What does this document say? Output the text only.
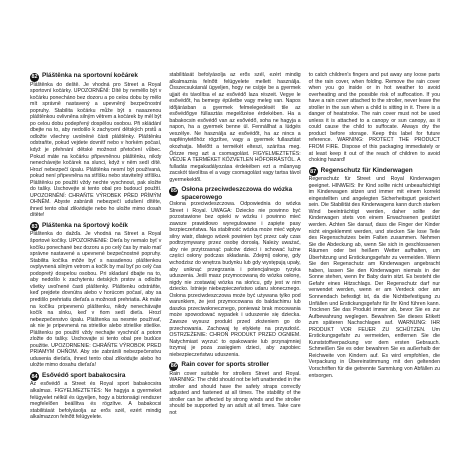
82 Pláštěnka na sportovní kočárek

Pláštěnka do deště. Je vhodná pro Street a Royal sportovní kočárky. UPOZORNĚNÍ: Dítě by neměllo být v kočárku ponecháno bez dozoru a po celou dobu by mělo mít správně nastavený a upevněný bezpečnostní popruhy. Stabilita kočárku může být s nasazenou pláštěnkou ovlivněna silným větrem a kočárek by měl být po celou dobu podepřený dospělou osobou. Při skládání dbejte na to, aby nedošlo k zachycení dětských prstů a odložte všechny uvolněné části pláštěnky. Pláštěnku odstraňte, pokud vejdete dovnitř nebo v horkém počasí, když je přehnání dětské možnost přetočení vůbec. Pokud máte na kočárku připevněnou pláštěnku, nikdy nenechávejte kočárek na slunci, když v něm sedí dítě. Hrozí nebezpečí úpalu. Pláštěnka nesmí být používaná, pokud není připevněna na stříšku nebo stavitelný stříšku. Pláštěnku po použití vždy nechte vyschnout, pak složte do tašky. Uschovejte si tento obal pro budoucí použití. UPOZORNĚNÍ: CHRAŇTE VÝROBEK PŘED PŘÍMÝM OHNĚM. Abyste zabránili nebezpečí udušení dítěte, ihned tento obal zlikvidujte nebo ho uložte mimo dosah dítěte!

83 Pláštenka na športový kočík

Pláštenka do dažďa. Je vhodná na Street a Royal športové kočíky. UPOZORNENIE: Dieťa by nemalo byť v kočíku ponechané bez dozoru a po celý čas by malo mať správne nastavené a upevnené bezpečnostné popruhy. Stabilita kočíka môže byť s nasadenou pláštenkou ovplyvnená silným vetrom a kočík by mal byť po celý čas podopretý dospelou osobou. Pri skladaní dbajte na to, aby nedošlo k zachyteniu detských prstov a odložte všetky uvoľnené časti pláštenky. Pláštenku odstráňte, keď prejdete dovnútra alebo v horúcom počasí, aby sa predišlo prehriatiu dieťaťa a možnosti prehriatia. Ak máte na kočíku pripevnenú pláštenku, nikdy nenechávajte kočík na slnku, keď v ňom sedí dieťa. Hrozí nebezpečenstvo úpalu. Pláštenka sa nesmie používať, ak nie je pripevnená na strieške alebo strieške stieške. Pláštenku po použití vždy nechajte vyschnúť a potom zložte do tašky. Uschovajte si tento obal pre budúce použitie. UPOZORNENIE: CHRÁŇTE VÝROBOK PRED PRIAMYM OHŇOM. Aby ste zabránili nebezpečenstvu udusenia dieťaťa, ihned tento obal zlikvidujte alebo ho uložte mimo dosahu dieťaťa!

84 Esővédő sport babakocsira

Az esővédő a Street és Royal sport babakocsira alkalmas. FIGYELMEZTETÉS: Ne hagyja a gyermeket felügyelet nélkül és ügyeljen, hogy a biztonsági rendszer megfelelően beállítva és rögzítve. A babakocsi stabilitását befolyásolja az erős szél, ezért mindig alkalmazzon felnőtt felügyelete.

stabilitását befolyásolja az erős szél, ezért mindig alkalmaznia felnőtt felügyelete mellett használja. Összecsukásnál ügyeljen, hogy ne csípje be a gyermek ujjait és távolítsa el az esővédő laza részeit. Vegye le esővédőt, ha bemegy épületbe vagy meleg van. Napos időjárásban a gyermek felmelegedését tile az esővédőgye füllasztás megelőzése érdekében. Ha a babakocsin esővédő van az esővédő, soha ne hagyja a napon, ha a gyermek benne ül. Fennállhat a lúdgés veszélye. Ne használja az esővédőt, ha az nincs a napfénytetőhöz rögzítve, vagy a gyermek fullasztást okozhatja. Mielőtt a termékét elteszi, szárítsa meg. Őrizze meg azt a csomagolást. FIGYELMEZTETÉS: VÉDJE A TERMÉKET KÖZVETLEN HŐFORRÁSTÓL. A fulladás megakadályozása érdekében ezt a műanyag zacskót távolítsa el a vagy csomagolást vagy tartsa távol gyermekektől.

85 Osłona przeciwdeszczowa do wózka spacerowego

Osłona przeciwdeszczowa. Odpowiednia do wózka Street i Royal. UWAGA: Dziecko nie powinno być pozostawione bez opieki w wózku i powinno mieć zawsze prawidłowo wyregulowane i zapięte pasy bezpieczeństwa. Na stabilność wózka może mieć wpływ silny wiatr, dlatego wózek powinien być przez cały czas podtrzymywany przez osobę dorosłą. Należy uważać, aby nie przytrzasnąć palców dzieci i schować luźne części osłony podczas składania. Zdejmij osłonę, gdy wchodzisz do wnętrza budynku lub gdy występują upały, aby uniknąć przegrzania i potencjalnego ryzyka uduszenia. Jeśli masz przymocowaną do wózka osłonę, nigdy nie zostawiaj wózka na słońcu, gdy jest w nim dziecko. Istnieje niebezpieczeństwo udaru słonecznego. Osłona przeciwdeszczowa może być używana tylko pod warunkiem, że jest przymocowana do baldachimu lub daszka przeciwsłonecznego, ponieważ brak mocowania może spowodować wypadek i uduszenie się dziecka. Zawsze wysusz produkt przed złożeniem go do przechowania. Zachowaj tę etykietę na przyszłość. OSTRZEŻENIE: CHROŃ PRODUKT PRZED OGNIEM. Natychmiast wyrzuć to opakowanie lub przynajmniej trzymaj je poza zasięgiem dzieci, aby zapobiec niebezpieczeństwu uduszenia.

86 Rain cover for sports stroller

Rain cover suitable for strollers Street and Royal. WARNING: The child should not be left unattended in the stroller and should have the safety straps correctly adjusted and fastened at all times. The stability of the stroller can be affected by strong winds and the stroller should be supported by an adult at all times. Take care not

to catch children's fingers and put away any loose parts of the rain cover, when folding. Remove the rain cover when you go inside or in hot weather to avoid overheating and the possible risk of suffocation. If you have a rain cover attached to the stroller, never leave the stroller in the sun when a child is sitting in it. There is a danger of heatstroke. The rain cover must not be used unless it is attached to a canopy or sun canopy, as it could cause the child to suffocate. Always dry the product before storage. Keep this label for future reference. WARNING: PROTECT THE PRODUCT FROM FIRE. Dispose of this packaging immediately or at least keep it out of the reach of children to avoid choking hazard!

87 Regenschutz für Kinderwagen

Regenschutz für Street und Royal Kinderwagen geeignet. HINWEIS: Ihr Kind sollte nicht unbeaufsichtigt im Kinderwagen sitzen und immer mit einem korrekt eingestellten und angelegten Sicherheitsgurt gesichert sein. Die Stabilität des Kinderwagens kann durch starken Wind beeinträchtigt werden, daher sollte der Kinderwagen stets von einem Erwachsenen gestützt werden. Achten Sie darauf, dass die Finger der Kinder nicht eingeklemmt werden, und stecken Sie lose Teile des Regenschutzes beim Falten zusammen. Nehmen Sie die Abdeckung ab, wenn Sie sich in geschlossenen Räumen oder bei heißem Wetter aufhalten, um Überhitzung und Erstickungsgefahr zu vermeiden. Wenn Sie den Regenschutz am Kinderwagen angebracht haben, lassen Sie den Kinderwagen niemals in der Sonne stehen, wenn Ihr Baby darin sitzt. Es besteht die Gefahr eines Hitzschlags. Der Regenschutz darf nur verwendet werden, wenn er am Verdeck oder am Sonnendach befestigt ist, da die Nichtbefestigung zu Unfällen und Erstickungsgefahr für Ihr Kind führen kann. Trocknen Sie das Produkt immer ab, bevor Sie es zur Aufbewahrung weglegen. Bewahren Sie dieses Etikett zum späteren Nachschlagen auf. WARNUNG: IHR PRODUKT VOR FEUER ZU SCHÜTZEN. Um Erstickungsgefahr zu vermeiden, entfernen Sie die Kunststoffverpackung vor dem ersten Gebrauch. Schmeißen Sie es oder bewahren Sie es außerhalb der Reichweite von Kindern auf. Es wird empfohlen, die Verpackung in Übereinstimmung mit den geltenden Vorschriften für die getrennte Sammlung von Abfällen zu entsorgen.
